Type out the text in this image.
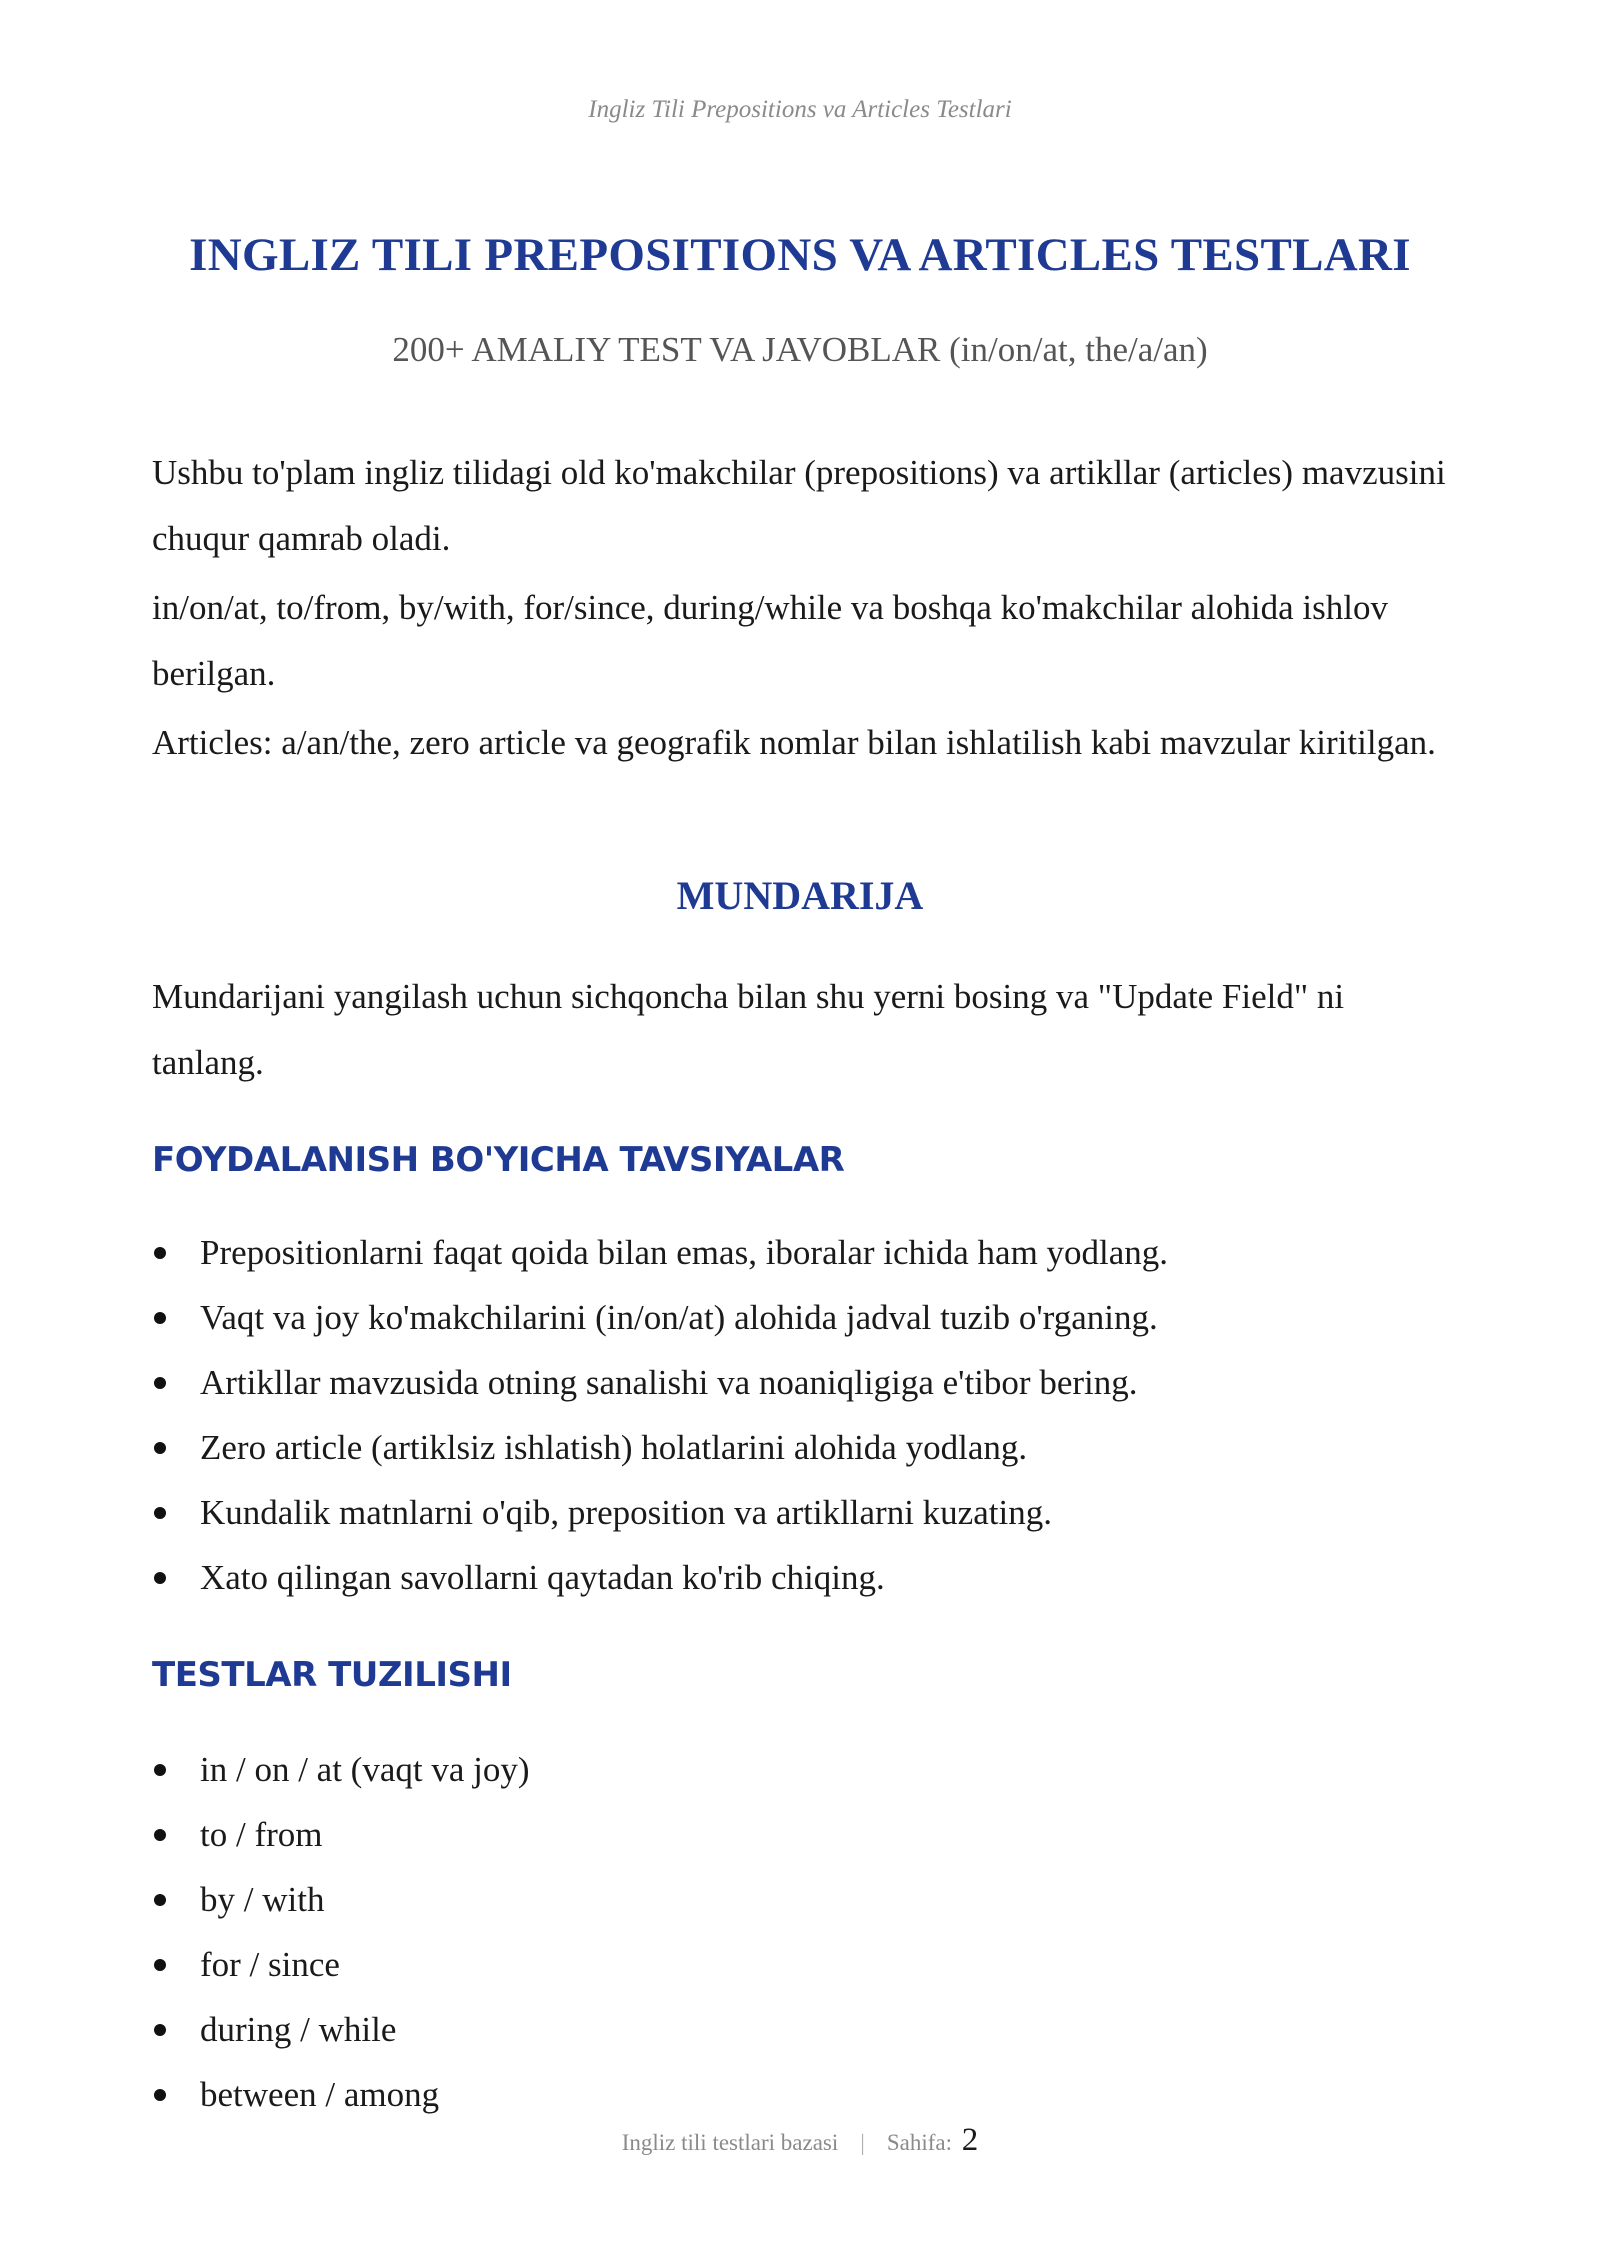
Ingliz Tili Prepositions va Articles Testlari
INGLIZ TILI PREPOSITIONS VA ARTICLES TESTLARI
200+ AMALIY TEST VA JAVOBLAR (in/on/at, the/a/an)

Ushbu to'plam ingliz tilidagi old ko'makchilar (prepositions) va artikllar (articles) mavzusini chuqur qamrab oladi.

in/on/at, to/from, by/with, for/since, during/while va boshqa ko'makchilar alohida ishlov berilgan.

Articles: a/an/the, zero article va geografik nomlar bilan ishlatilish kabi mavzular kiritilgan.

MUNDARIJA

Mundarijani yangilash uchun sichqoncha bilan shu yerni bosing va "Update Field" ni tanlang.

FOYDALANISH BO'YICHA TAVSIYALAR
Prepositionlarni faqat qoida bilan emas, iboralar ichida ham yodlang.
Vaqt va joy ko'makchilarini (in/on/at) alohida jadval tuzib o'rganing.
Artikllar mavzusida otning sanalishi va noaniqligiga e'tibor bering.
Zero article (artiklsiz ishlatish) holatlarini alohida yodlang.
Kundalik matnlarni o'qib, preposition va artikllarni kuzating.
Xato qilingan savollarni qaytadan ko'rib chiqing.
TESTLAR TUZILISHI
in / on / at (vaqt va joy)
to / from
by / with
for / since
during / while
between / among
Ingliz tili testlari bazasi | Sahifa: 2
